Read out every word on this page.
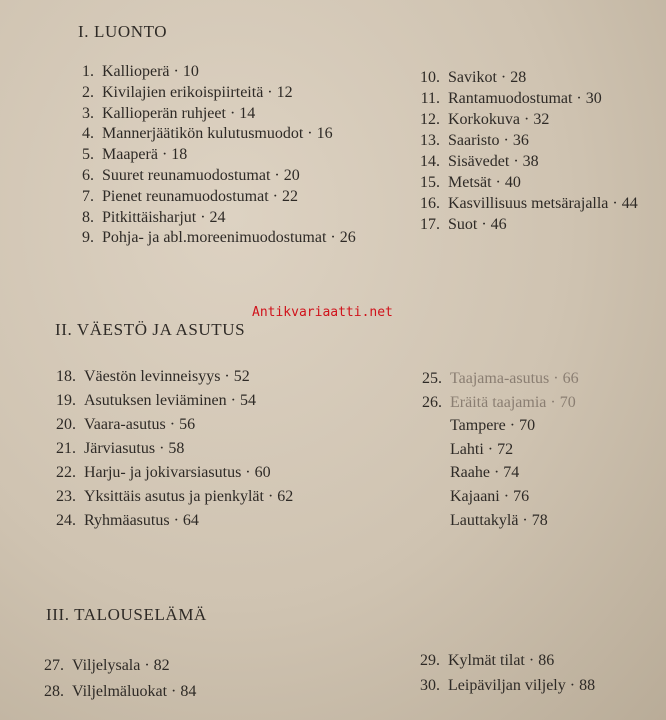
I. LUONTO
II. VÄESTÖ JA ASUTUS
III. TALOUSELÄMÄ
Antikvariaatti.net
1. Kallioperä · 10
2. Kivilajien erikoispiirteitä · 12
3. Kallioperän ruhjeet · 14
4. Mannerjäätikön kulutusmuodot · 16
5. Maaperä · 18
6. Suuret reunamuodostumat · 20
7. Pienet reunamuodostumat · 22
8. Pitkittäisharjut · 24
9. Pohja- ja abl.moreenimuodostumat · 26
10. Savikot · 28
11. Rantamuodostumat · 30
12. Korkokuva · 32
13. Saaristo · 36
14. Sisävedet · 38
15. Metsät · 40
16. Kasvillisuus metsärajalla · 44
17. Suot · 46
18. Väestön levinneisyys · 52
19. Asutuksen leviäminen · 54
20. Vaara-asutus · 56
21. Järviasutus · 58
22. Harju- ja jokivarsiasutus · 60
23. Yksittäis asutus ja pienkylät · 62
24. Ryhmäasutus · 64
25. Taajama-asutus · 66
26. Eräitä taajamia · 70
Tampere · 70
Lahti · 72
Raahe · 74
Kajaani · 76
Lauttakylä · 78
27. Viljelysala · 82
28. Viljelmäluokat · 84
29. Kylmät tilat · 86
30. Leipäviljan viljely · 88
